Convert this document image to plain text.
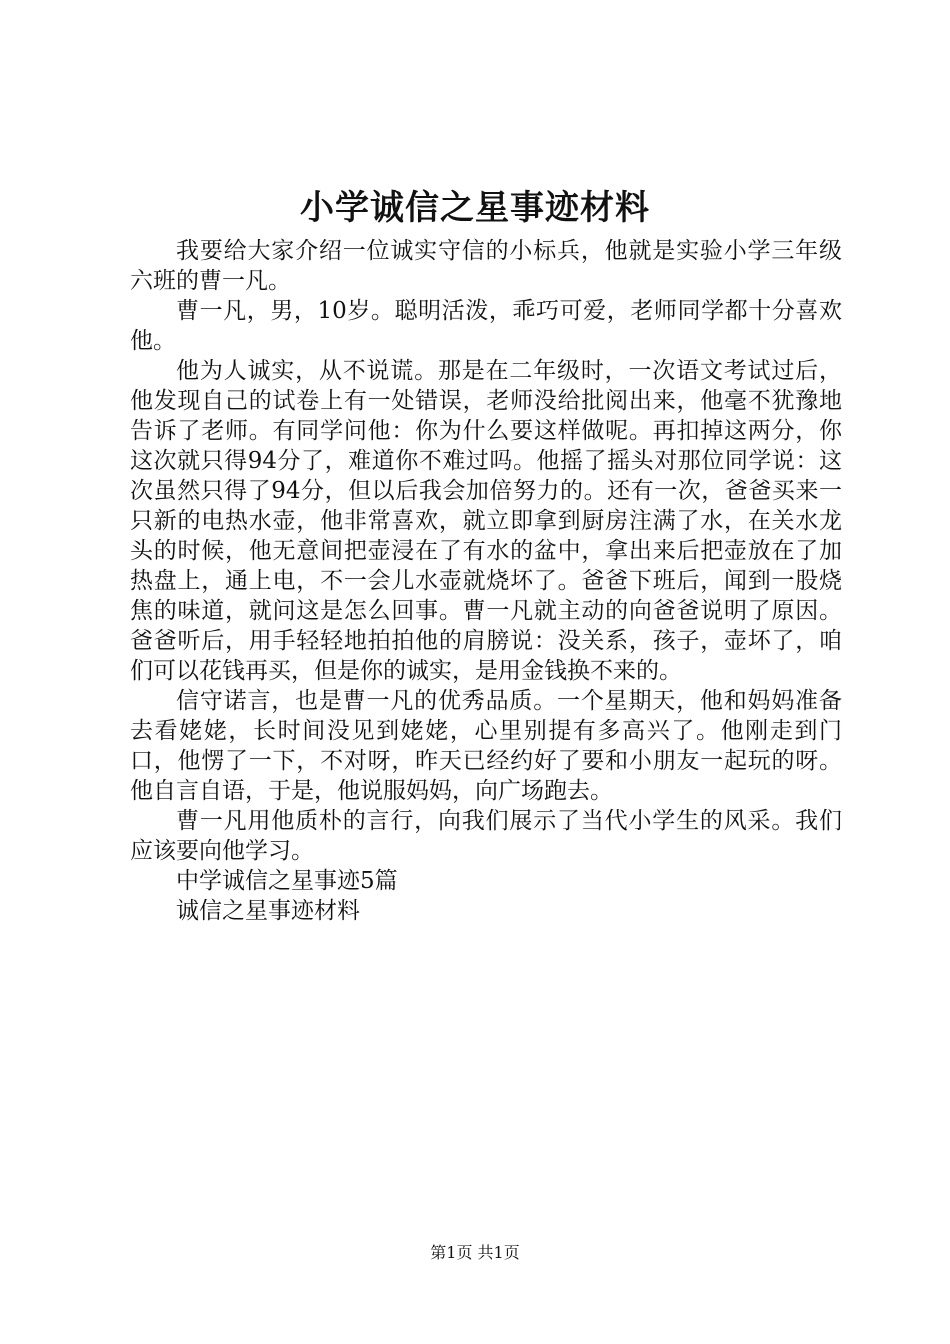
小学诚信之星事迹材料

我要给大家介绍一位诚实守信的小标兵，他就是实验小学三年级六班的曹一凡。

曹一凡，男，10岁。聪明活泼，乖巧可爱，老师同学都十分喜欢他。

他为人诚实，从不说谎。那是在二年级时，一次语文考试过后，他发现自己的试卷上有一处错误，老师没给批阅出来，他毫不犹豫地告诉了老师。有同学问他：你为什么要这样做呢。再扣掉这两分，你这次就只得94分了，难道你不难过吗。他摇了摇头对那位同学说：这次虽然只得了94分，但以后我会加倍努力的。还有一次，爸爸买来一只新的电热水壶，他非常喜欢，就立即拿到厨房注满了水，在关水龙头的时候，他无意间把壶浸在了有水的盆中，拿出来后把壶放在了加热盘上，通上电，不一会儿水壶就烧坏了。爸爸下班后，闻到一股烧焦的味道，就问这是怎么回事。曹一凡就主动的向爸爸说明了原因。爸爸听后，用手轻轻地拍拍他的肩膀说：没关系，孩子，壶坏了，咱们可以花钱再买，但是你的诚实，是用金钱换不来的。

信守诺言，也是曹一凡的优秀品质。一个星期天，他和妈妈准备去看姥姥，长时间没见到姥姥，心里别提有多高兴了。他刚走到门口，他愣了一下，不对呀，昨天已经约好了要和小朋友一起玩的呀。他自言自语，于是，他说服妈妈，向广场跑去。

曹一凡用他质朴的言行，向我们展示了当代小学生的风采。我们应该要向他学习。

中学诚信之星事迹5篇

诚信之星事迹材料

第1页 共1页
